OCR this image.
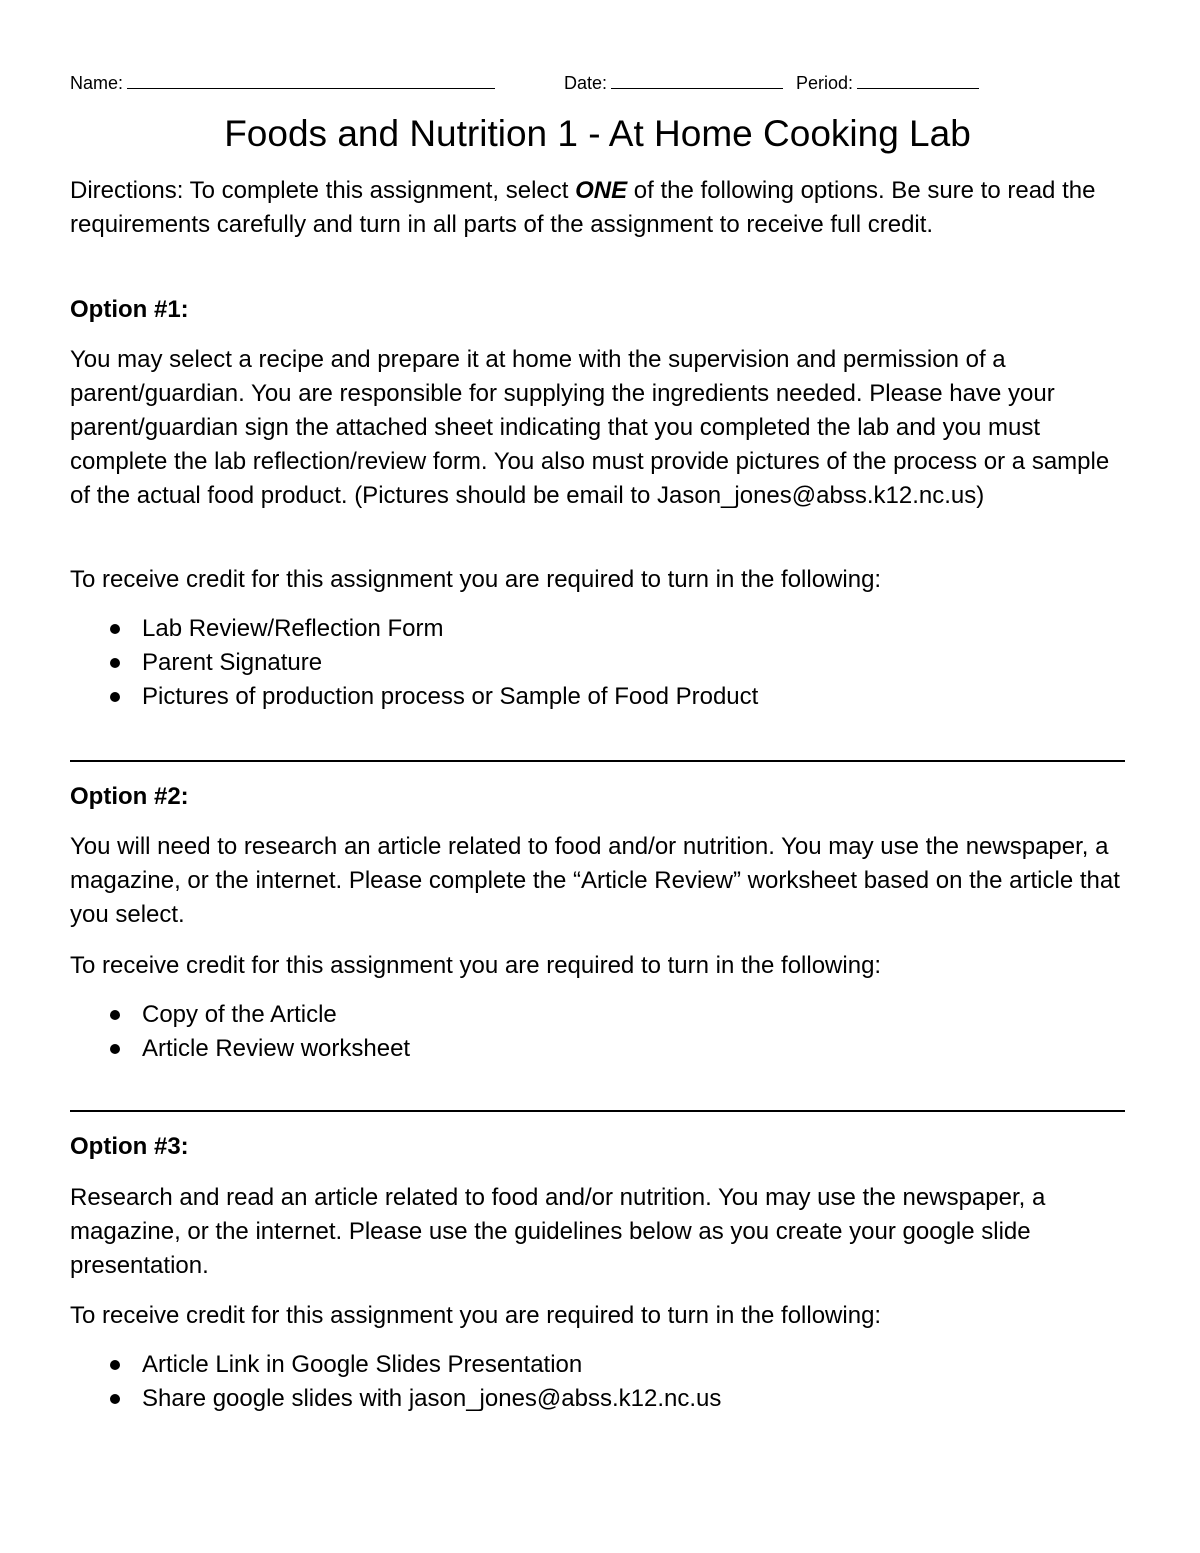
Name:	Date:	Period:
Foods and Nutrition 1 - At Home Cooking Lab

Directions: To complete this assignment, select ONE of the following options. Be sure to read the requirements carefully and turn in all parts of the assignment to receive full credit.

Option #1:

You may select a recipe and prepare it at home with the supervision and permission of a parent/guardian. You are responsible for supplying the ingredients needed. Please have your parent/guardian sign the attached sheet indicating that you completed the lab and you must complete the lab reflection/review form. You also must provide pictures of the process or a sample of the actual food product. (Pictures should be email to Jason_jones@abss.k12.nc.us)

To receive credit for this assignment you are required to turn in the following:

Lab Review/Reflection Form
Parent Signature
Pictures of production process or Sample of Food Product

Option #2:

You will need to research an article related to food and/or nutrition. You may use the newspaper, a magazine, or the internet. Please complete the “Article Review” worksheet based on the article that you select.

To receive credit for this assignment you are required to turn in the following:

Copy of the Article
Article Review worksheet

Option #3:

Research and read an article related to food and/or nutrition. You may use the newspaper, a magazine, or the internet. Please use the guidelines below as you create your google slide presentation.

To receive credit for this assignment you are required to turn in the following:

Article Link in Google Slides Presentation
Share google slides with jason_jones@abss.k12.nc.us
